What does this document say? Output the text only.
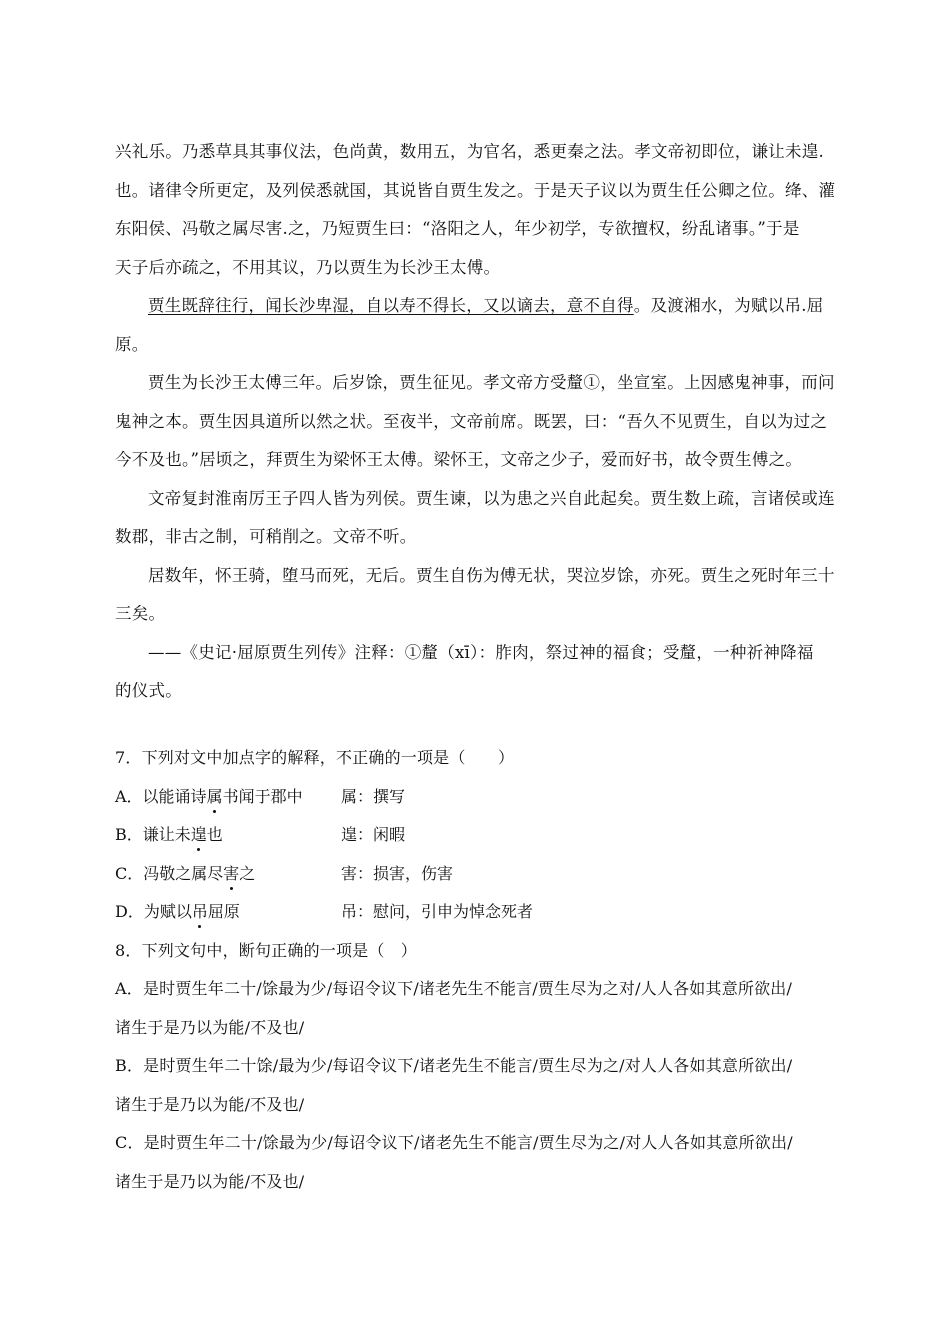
兴礼乐。乃悉草具其事仪法，色尚黄，数用五，为官名，悉更秦之法。孝文帝初即位，谦让未遑.
也。诸律令所更定，及列侯悉就国，其说皆自贾生发之。于是天子议以为贾生任公卿之位。绛、灌
东阳侯、冯敬之属尽害.之，乃短贾生曰：“洛阳之人，年少初学，专欲擅权，纷乱诸事。”于是
天子后亦疏之，不用其议，乃以贾生为长沙王太傅。
贾生既辞往行，闻长沙卑湿，自以寿不得长，又以谪去，意不自得。及渡湘水，为赋以吊.屈
原。
贾生为长沙王太傅三年。后岁馀，贾生征见。孝文帝方受釐①，坐宣室。上因感鬼神事，而问
鬼神之本。贾生因具道所以然之状。至夜半，文帝前席。既罢，曰：“吾久不见贾生，自以为过之
今不及也。”居顷之，拜贾生为梁怀王太傅。梁怀王，文帝之少子，爱而好书，故令贾生傅之。
文帝复封淮南厉王子四人皆为列侯。贾生谏，以为患之兴自此起矣。贾生数上疏，言诸侯或连
数郡，非古之制，可稍削之。文帝不听。
居数年，怀王骑，堕马而死，无后。贾生自伤为傅无状，哭泣岁馀，亦死。贾生之死时年三十
三矣。
——《史记·屈原贾生列传》注释：①釐（xī）：胙肉，祭过神的福食；受釐，一种祈神降福
的仪式。
7．下列对文中加点字的解释，不正确的一项是（　　）
A．以能诵诗属书闻于郡中	属：撰写
B．谦让未遑也	遑：闲暇
C．冯敬之属尽害之	害：损害，伤害
D．为赋以吊屈原	吊：慰问，引申为悼念死者
8．下列文句中，断句正确的一项是（　）
A．是时贾生年二十/馀最为少/每诏令议下/诸老先生不能言/贾生尽为之对/人人各如其意所欲出/
诸生于是乃以为能/不及也/
B．是时贾生年二十馀/最为少/每诏令议下/诸老先生不能言/贾生尽为之/对人人各如其意所欲出/
诸生于是乃以为能/不及也/
C．是时贾生年二十/馀最为少/每诏令议下/诸老先生不能言/贾生尽为之/对人人各如其意所欲出/
诸生于是乃以为能/不及也/
